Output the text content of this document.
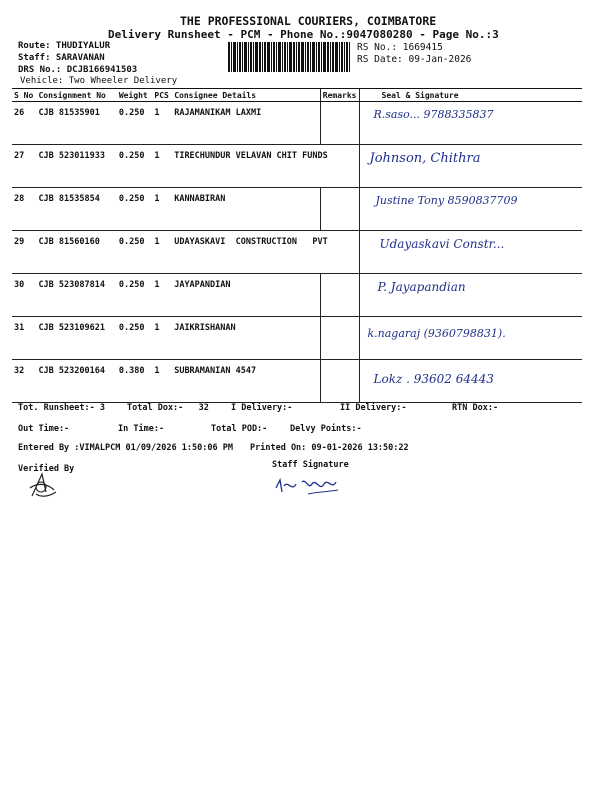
THE PROFESSIONAL COURIERS, COIMBATORE
Delivery Runsheet - PCM - Phone No.:9047080280 - Page No.:3
Route: THUDIYALUR
Staff: SARAVANAN
DRS No.: DCJB166941503
Vehicle: Two Wheeler Delivery
RS No.: 1669415
RS Date: 09-Jan-2026
S No	Consignment No	Weight	PCS	Consignee Details	Remarks	Seal & Signature
26	CJB 81535901	0.250	1	RAJAMANIKAM LAXMI		R.saso... 9788335837

27	CJB 523011933	0.250	1	TIRECHUNDUR VELAVAN CHIT FUNDS		Johnson, Chithra

28	CJB 81535854	0.250	1	KANNABIRAN		Justine Tony 8590837709

29	CJB 81560160	0.250	1	UDAYASKAVI  CONSTRUCTION   PVT		Udayaskavi Constr...

30	CJB 523087814	0.250	1	JAYAPANDIAN		P. Jayapandian

31	CJB 523109621	0.250	1	JAIKRISHANAN		k.nagaraj (9360798831).

32	CJB 523200164	0.380	1	SUBRAMANIAN 4547		Lokz . 93602 64443
Tot. Runsheet:- 3	Total Dox:-   32	I Delivery:-	II Delivery:-	RTN Dox:-
Out Time:-	In Time:-	Total POD:-	Delvy Points:-
Entered By :VIMALPCM 01/09/2026 1:50:06 PM Printed On: 09-01-2026 13:50:22
Verified By	Staff Signature
